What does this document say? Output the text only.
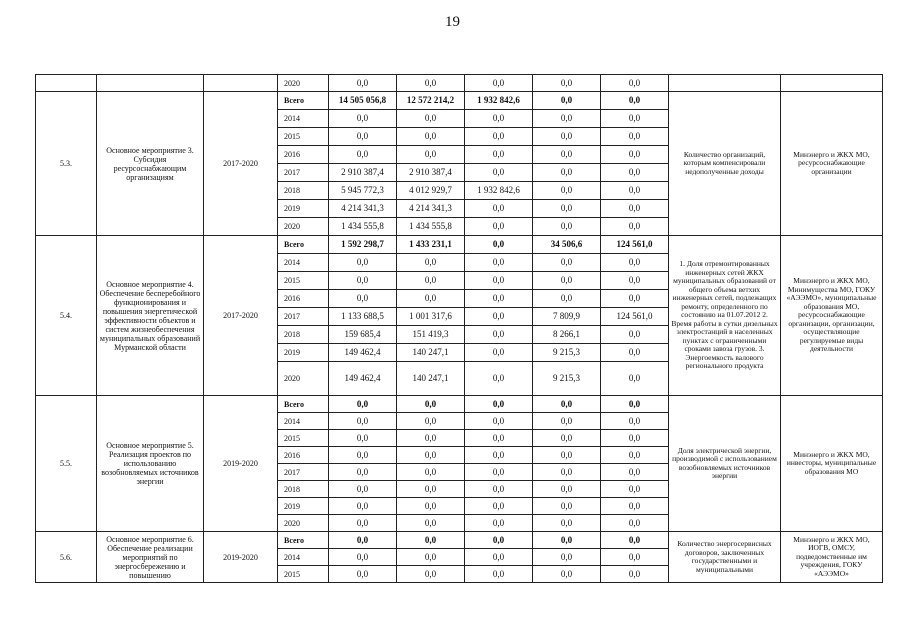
19
			2020	0,0	0,0	0,0	0,0	0,0		
5.3.	Основное мероприятие 3. Субсидия ресурсоснабжающим организациям	2017-2020	Всего	14 505 056,8	12 572 214,2	1 932 842,6	0,0	0,0	Количество организаций, которым компенсировали недополученные доходы	Минэнерго и ЖКХ МО, ресурсоснабжающие организации
			2014	0,0	0,0	0,0	0,0	0,0		
			2015	0,0	0,0	0,0	0,0	0,0		
			2016	0,0	0,0	0,0	0,0	0,0		
			2017	2 910 387,4	2 910 387,4	0,0	0,0	0,0		
			2018	5 945 772,3	4 012 929,7	1 932 842,6	0,0	0,0		
			2019	4 214 341,3	4 214 341,3	0,0	0,0	0,0		
			2020	1 434 555,8	1 434 555,8	0,0	0,0	0,0		
5.4.	Основное мероприятие 4. Обеспечение бесперебойного функционирования и повышения энергетической эффективности объектов и систем жизнеобеспечения муниципальных образований Мурманской области	2017-2020	Всего	1 592 298,7	1 433 231,1	0,0	34 506,6	124 561,0	1. Доля отремонтированных инженерных сетей ЖКХ муниципальных образований от общего объема ветхих инженерных сетей, подлежащих ремонту, определенного по состоянию на 01.07.2012 2. Время работы в сутки дизельных электростанций в населенных пунктах с ограниченными сроками завоза грузов. 3. Энергоемкость валового регионального продукта	Минэнерго и ЖКХ МО, Минимущества МО, ГОКУ «АЭЭМО», муниципальные образования МО, ресурсоснабжающие организации, организации, осуществляющие регулируемые виды деятельности
			2014	0,0	0,0	0,0	0,0	0,0		
			2015	0,0	0,0	0,0	0,0	0,0		
			2016	0,0	0,0	0,0	0,0	0,0		
			2017	1 133 688,5	1 001 317,6	0,0	7 809,9	124 561,0		
			2018	159 685,4	151 419,3	0,0	8 266,1	0,0		
			2019	149 462,4	140 247,1	0,0	9 215,3	0,0		
			2020	149 462,4	140 247,1	0,0	9 215,3	0,0		
5.5.	Основное мероприятие 5. Реализация проектов по использованию возобновляемых источников энергии	2019-2020	Всего	0,0	0,0	0,0	0,0	0,0	Доля электрической энергии, производимой с использованием возобновляемых источников энергии	Минэнерго и ЖКХ МО, инвесторы, муниципальные образования МО
			2014	0,0	0,0	0,0	0,0	0,0		
			2015	0,0	0,0	0,0	0,0	0,0		
			2016	0,0	0,0	0,0	0,0	0,0		
			2017	0,0	0,0	0,0	0,0	0,0		
			2018	0,0	0,0	0,0	0,0	0,0		
			2019	0,0	0,0	0,0	0,0	0,0		
			2020	0,0	0,0	0,0	0,0	0,0		
5.6.	Основное мероприятие 6. Обеспечение реализации мероприятий по энергосбережению и повышению	2019-2020	Всего	0,0	0,0	0,0	0,0	0,0	Количество энергосервисных договоров, заключенных государственными и муниципальными	Минэнерго и ЖКХ МО, ИОГВ, ОМСУ, подведомственные им учреждения, ГОКУ «АЭЭМО»
			2014	0,0	0,0	0,0	0,0	0,0		
			2015	0,0	0,0	0,0	0,0	0,0		
